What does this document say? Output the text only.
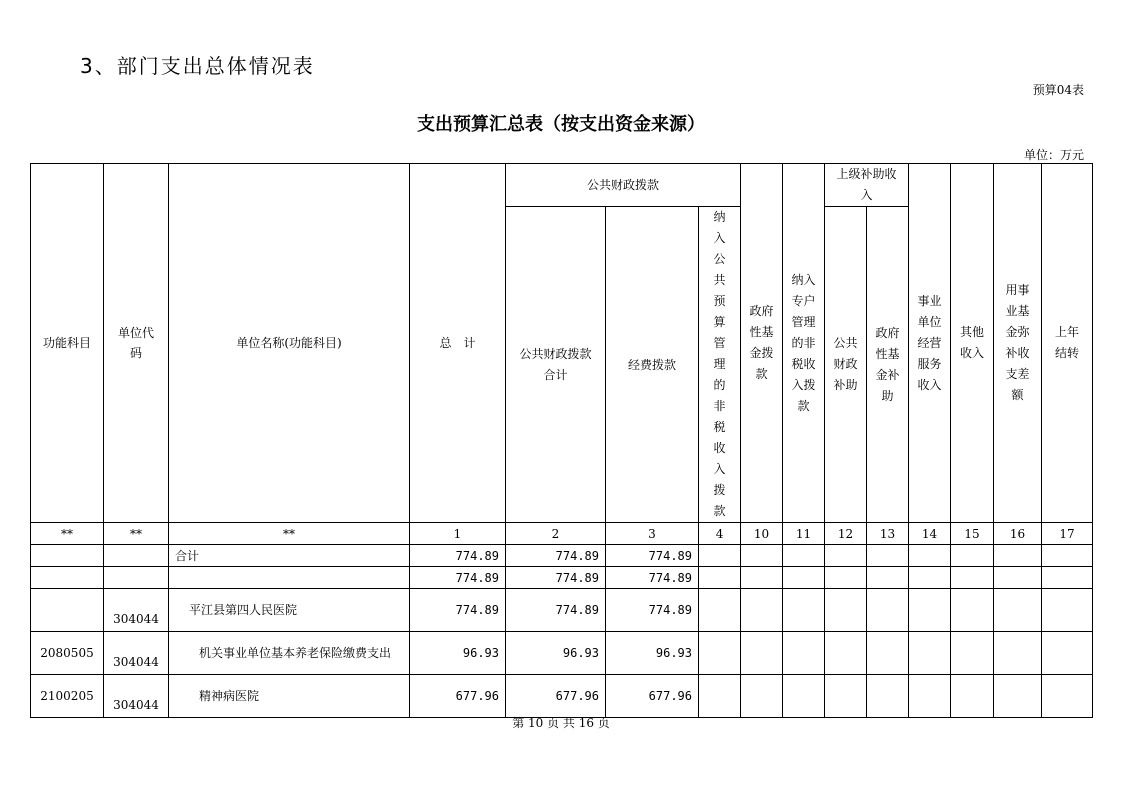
3、部门支出总体情况表
预算04表
支出预算汇总表（按支出资金来源）
单位：万元
功能科目	单位代码	单位名称(功能科目)	总　计	公共财政拨款			政府性基金拨款	纳入专户管理的非税收入拨款	上级补助收入		事业单位经营服务收入	其他收入	用事业基金弥补收支差额	上年结转
				公共财政拨款合计	经费拨款	纳入公共预算管理的非税收入拨款			公共财政补助	政府性基金补助				
**	**	**	1	2	3	4	10	11	12	13	14	15	16	17
		合计	774.89	774.89	774.89									
			774.89	774.89	774.89									
	304044	平江县第四人民医院	774.89	774.89	774.89									
2080505	304044	机关事业单位基本养老保险缴费支出	96.93	96.93	96.93									
2100205	304044	精神病医院	677.96	677.96	677.96									
第 10 页 共 16 页
